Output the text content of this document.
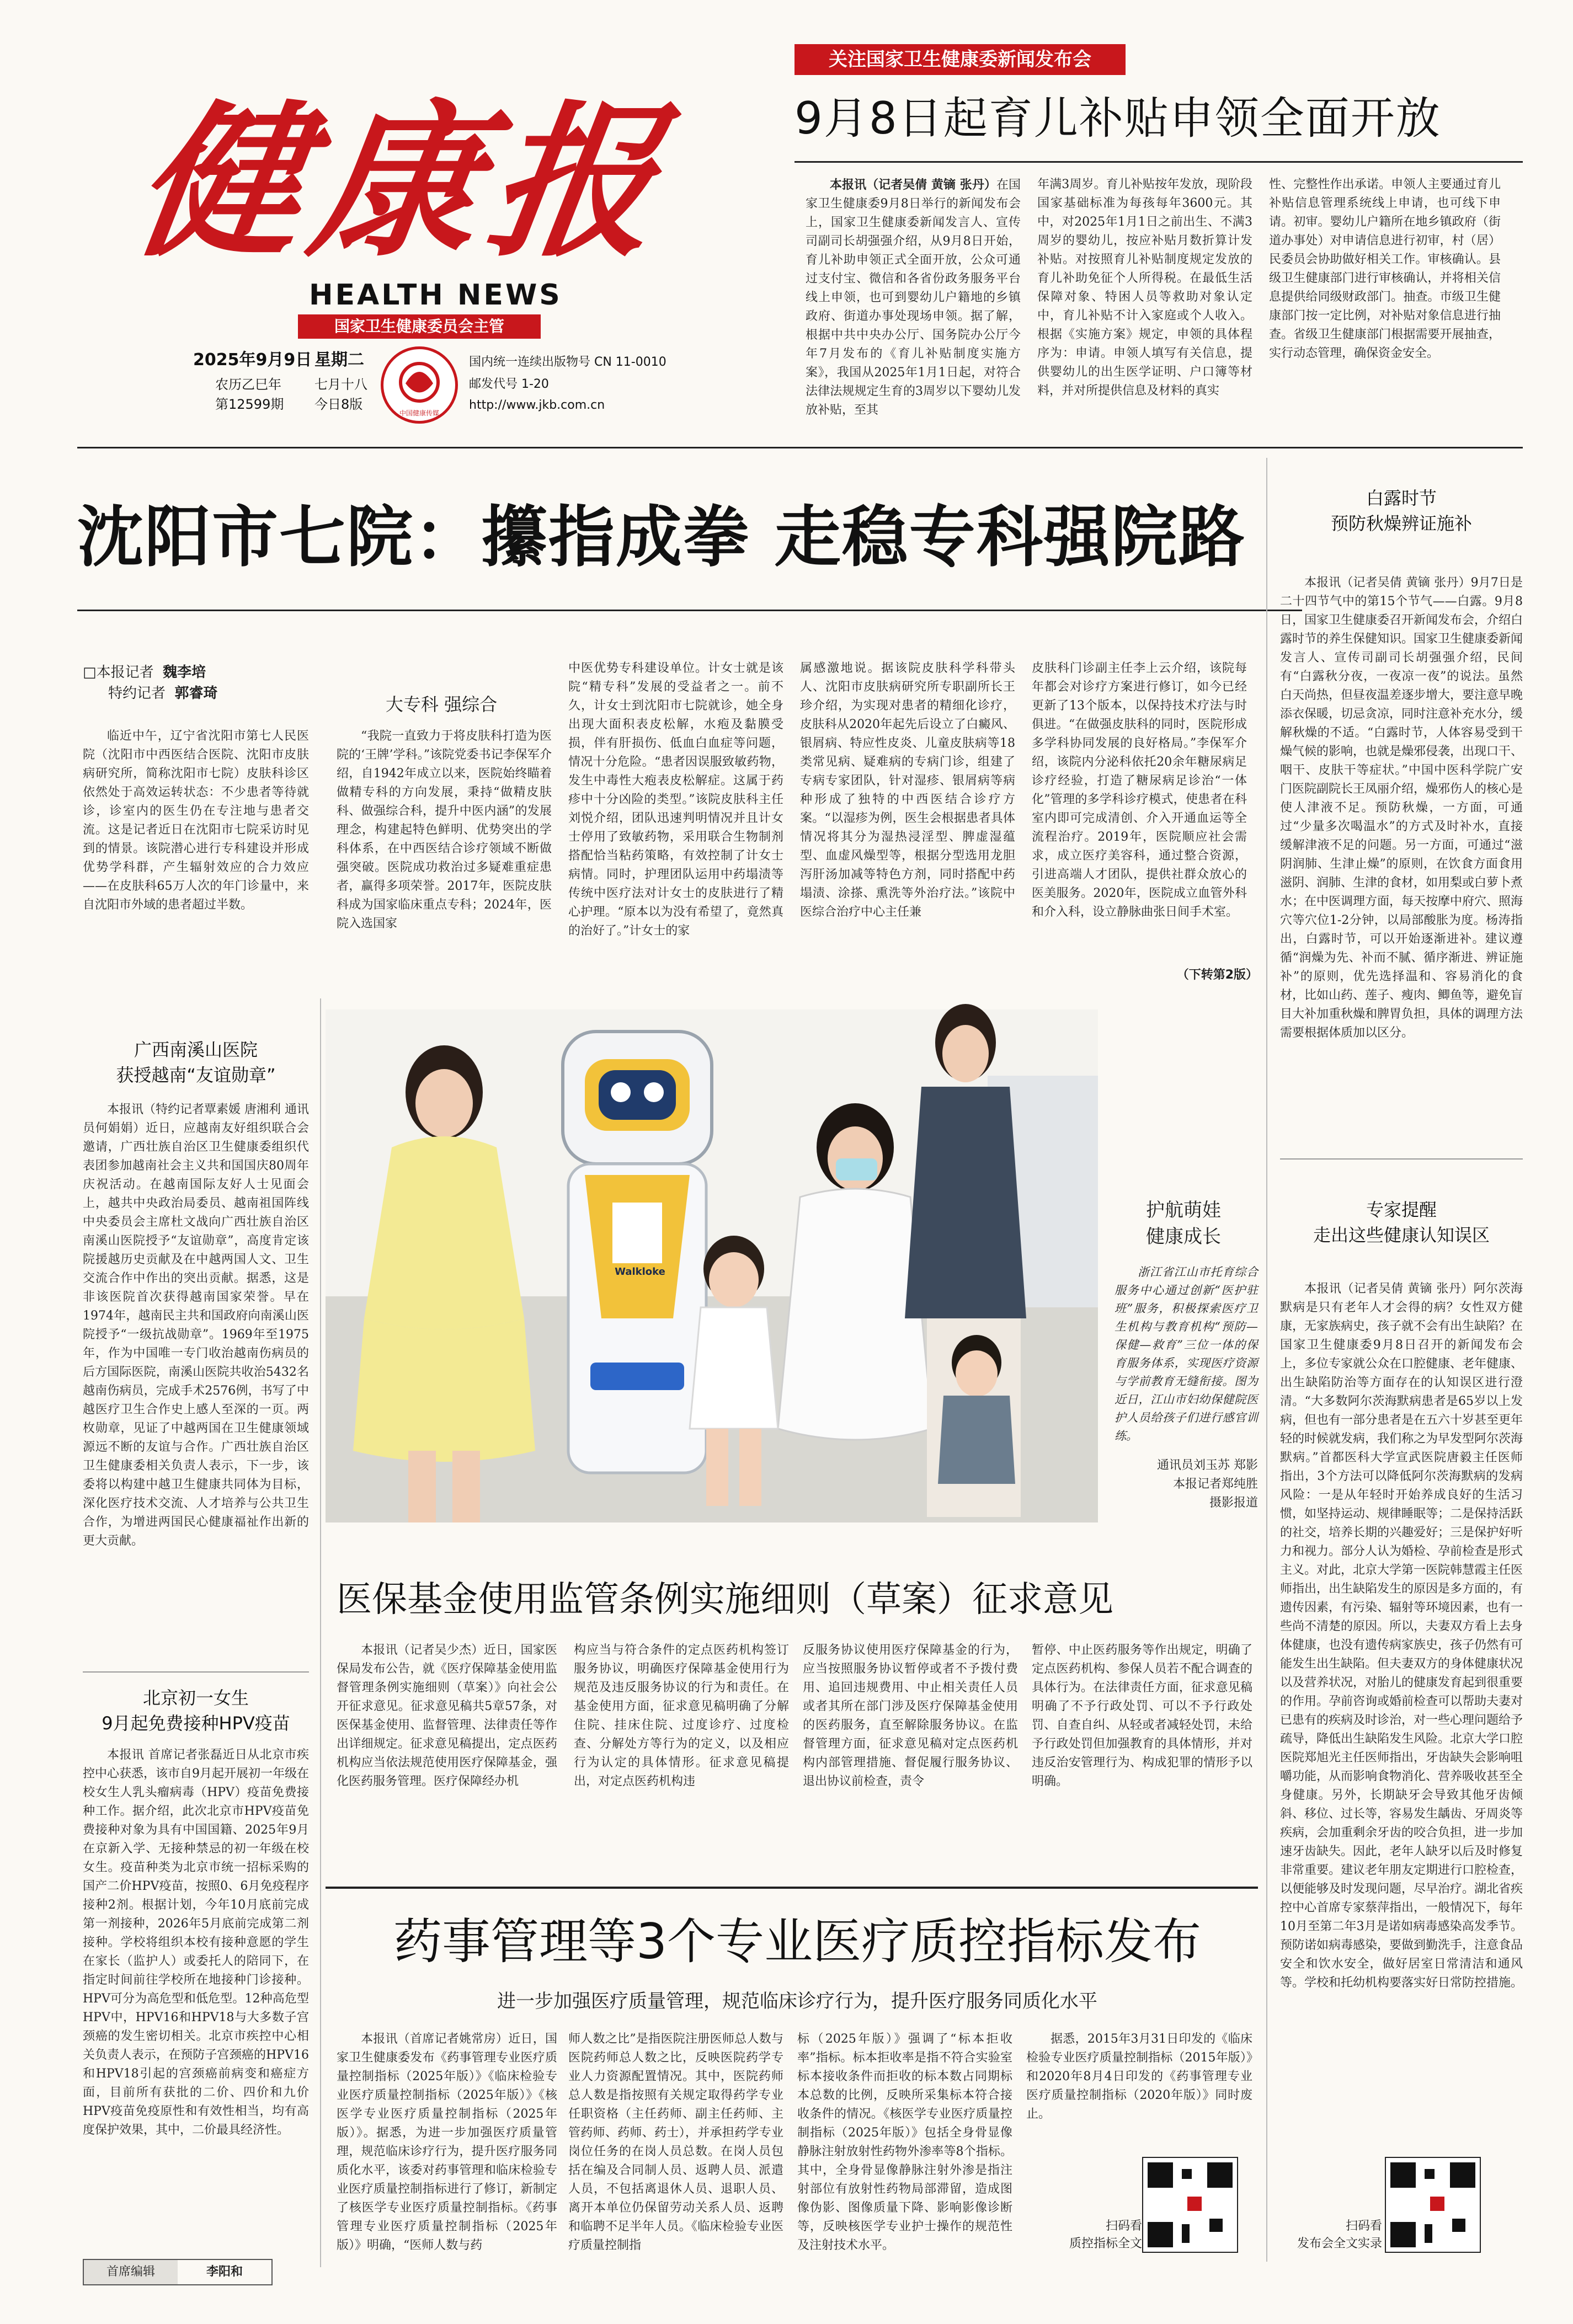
健康报
HEALTH NEWS
国家卫生健康委员会主管
2025年9月9日 星期二
农历乙巳年	七月十八
第12599期 今日8版
中国健康传媒
国内统一连续出版物号 CN 11-0010
邮发代号 1-20
http://www.jkb.com.cn
关注国家卫生健康委新闻发布会
9月8日起育儿补贴申领全面开放

本报讯（记者吴倩 黄镝 张丹）在国家卫生健康委9月8日举行的新闻发布会上，国家卫生健康委新闻发言人、宣传司副司长胡强强介绍，从9月8日开始，育儿补助申领正式全面开放，公众可通过支付宝、微信和各省份政务服务平台线上申领，也可到婴幼儿户籍地的乡镇政府、街道办事处现场申领。据了解，根据中共中央办公厅、国务院办公厅今年7月发布的《育儿补贴制度实施方案》，我国从2025年1月1日起，对符合法律法规规定生育的3周岁以下婴幼儿发放补贴，至其

年满3周岁。育儿补贴按年发放，现阶段国家基础标准为每孩每年3600元。其中，对2025年1月1日之前出生、不满3周岁的婴幼儿，按应补贴月数折算计发补贴。对按照育儿补贴制度规定发放的育儿补助免征个人所得税。在最低生活保障对象、特困人员等救助对象认定中，育儿补贴不计入家庭或个人收入。根据《实施方案》规定，申领的具体程序为：申请。申领人填写有关信息，提供婴幼儿的出生医学证明、户口簿等材料，并对所提供信息及材料的真实

性、完整性作出承诺。申领人主要通过育儿补贴信息管理系统线上申请，也可线下申请。初审。婴幼儿户籍所在地乡镇政府（街道办事处）对申请信息进行初审，村（居）民委员会协助做好相关工作。审核确认。县级卫生健康部门进行审核确认，并将相关信息提供给同级财政部门。抽查。市级卫生健康部门按一定比例，对补贴对象信息进行抽查。省级卫生健康部门根据需要开展抽查，实行动态管理，确保资金安全。

沈阳市七院：攥指成拳 走稳专科强院路
□本报记者 魏李培
特约记者 郭睿琦

临近中午，辽宁省沈阳市第七人民医院（沈阳市中西医结合医院、沈阳市皮肤病研究所，简称沈阳市七院）皮肤科诊区依然处于高效运转状态：不少患者等待就诊，诊室内的医生仍在专注地与患者交流。这是记者近日在沈阳市七院采访时见到的情景。该院潜心进行专科建设并形成优势学科群，产生辐射效应的合力效应——在皮肤科65万人次的年门诊量中，来自沈阳市外域的患者超过半数。

大专科 强综合

“我院一直致力于将皮肤科打造为医院的‘王牌’学科。”该院党委书记李保军介绍，自1942年成立以来，医院始终瞄着做精专科的方向发展，秉持“做精皮肤科、做强综合科，提升中医内涵”的发展理念，构建起特色鲜明、优势突出的学科体系，在中西医结合诊疗领域不断做强突破。医院成功救治过多疑难重症患者，赢得多项荣誉。2017年，医院皮肤科成为国家临床重点专科；2024年，医院入选国家

中医优势专科建设单位。计女士就是该院“精专科”发展的受益者之一。前不久，计女士到沈阳市七院就诊，她全身出现大面积表皮松解，水疱及黏膜受损，伴有肝损伤、低血白血症等问题，情况十分危险。“患者因误服致敏药物，发生中毒性大疱表皮松解症。这属于药疹中十分凶险的类型。”该院皮肤科主任刘悦介绍，团队迅速判明情况并且计女士停用了致敏药物，采用联合生物制剂搭配恰当粘药策略，有效控制了计女士病情。同时，护理团队运用中药塌渍等传统中医疗法对计女士的皮肤进行了精心护理。“原本以为没有希望了，竟然真的治好了。”计女士的家

属感激地说。据该院皮肤科学科带头人、沈阳市皮肤病研究所专职副所长王珍介绍，为实现对患者的精细化诊疗，皮肤科从2020年起先后设立了白癜风、银屑病、特应性皮炎、儿童皮肤病等18类常见病、疑难病的专病门诊，组建了专病专家团队，针对湿疹、银屑病等病种形成了独特的中西医结合诊疗方案。“以湿疹为例，医生会根据患者具体情况将其分为湿热浸淫型、脾虚湿蕴型、血虚风燥型等，根据分型选用龙胆泻肝汤加减等特色方剂，同时搭配中药塌渍、涂搽、熏洗等外治疗法。”该院中医综合治疗中心主任兼

皮肤科门诊副主任李上云介绍，该院每年都会对诊疗方案进行修订，如今已经更新了13个版本，以保持技术疗法与时俱进。“在做强皮肤科的同时，医院形成多学科协同发展的良好格局。”李保军介绍，该院内分泌科依托20余年糖尿病足诊疗经验，打造了糖尿病足诊治“一体化”管理的多学科诊疗模式，使患者在科室内即可完成清创、介入开通血运等全流程治疗。2019年，医院顺应社会需求，成立医疗美容科，通过整合资源，引进高端人才团队，提供社群众放心的医美服务。2020年，医院成立血管外科和介入科，设立静脉曲张日间手术室。

（下转第2版）
Walkloke
护航萌娃
健康成长
浙江省江山市托育综合服务中心通过创新“医护驻班”服务，积极探索医疗卫生机构与教育机构“预防—保健—救育”三位一体的保育服务体系，实现医疗资源与学前教育无缝衔接。图为近日，江山市妇幼保健院医护人员给孩子们进行感官训练。
通讯员刘玉苏 郑影
本报记者郑纯胜
摄影报道
广西南溪山医院
获授越南“友谊勋章”

本报讯（特约记者覃素媛 唐湘利 通讯员何娟娟）近日，应越南友好组织联合会邀请，广西壮族自治区卫生健康委组织代表团参加越南社会主义共和国国庆80周年庆祝活动。在越南国际友好人士见面会上，越共中央政治局委员、越南祖国阵线中央委员会主席杜文战向广西壮族自治区南溪山医院授予“友谊勋章”，高度肯定该院援越历史贡献及在中越两国人文、卫生交流合作中作出的突出贡献。据悉，这是非该医院首次获得越南国家荣誉。早在1974年，越南民主共和国政府向南溪山医院授予“一级抗战勋章”。1969年至1975年，作为中国唯一专门收治越南伤病员的后方国际医院，南溪山医院共收治5432名越南伤病员，完成手术2576例，书写了中越医疗卫生合作史上感人至深的一页。两枚勋章，见证了中越两国在卫生健康领域源远不断的友谊与合作。广西壮族自治区卫生健康委相关负责人表示，下一步，该委将以构建中越卫生健康共同体为目标，深化医疗技术交流、人才培养与公共卫生合作，为增进两国民心健康福祉作出新的更大贡献。

北京初一女生
9月起免费接种HPV疫苗

本报讯 首席记者张磊近日从北京市疾控中心获悉，该市自9月起开展初一年级在校女生人乳头瘤病毒（HPV）疫苗免费接种工作。据介绍，此次北京市HPV疫苗免费接种对象为具有中国国籍、2025年9月在京新入学、无接种禁忌的初一年级在校女生。疫苗种类为北京市统一招标采购的国产二价HPV疫苗，按照0、6月免疫程序接种2剂。根据计划，今年10月底前完成第一剂接种，2026年5月底前完成第二剂接种。学校将组织本校有接种意愿的学生在家长（监护人）或委托人的陪同下，在指定时间前往学校所在地接种门诊接种。HPV可分为高危型和低危型。12种高危型HPV中，HPV16和HPV18与大多数子宫颈癌的发生密切相关。北京市疾控中心相关负责人表示，在预防子宫颈癌的HPV16和HPV18引起的宫颈癌前病变和癌症方面，目前所有获批的二价、四价和九价HPV疫苗免疫原性和有效性相当，均有高度保护效果，其中，二价最具经济性。

医保基金使用监管条例实施细则（草案）征求意见

本报讯（记者吴少杰）近日，国家医保局发布公告，就《医疗保障基金使用监督管理条例实施细则（草案）》向社会公开征求意见。征求意见稿共5章57条，对医保基金使用、监督管理、法律责任等作出详细规定。征求意见稿提出，定点医药机构应当依法规范使用医疗保障基金，强化医药服务管理。医疗保障经办机

构应当与符合条件的定点医药机构签订服务协议，明确医疗保障基金使用行为规范及违反服务协议的行为和责任。在基金使用方面，征求意见稿明确了分解住院、挂床住院、过度诊疗、过度检查、分解处方等行为的定义，以及相应行为认定的具体情形。征求意见稿提出，对定点医药机构违

反服务协议使用医疗保障基金的行为，应当按照服务协议暂停或者不予拨付费用、追回违规费用、中止相关责任人员或者其所在部门涉及医疗保障基金使用的医药服务，直至解除服务协议。在监督管理方面，征求意见稿对定点医药机构内部管理措施、督促履行服务协议、退出协议前检查，责令

暂停、中止医药服务等作出规定，明确了定点医药机构、参保人员若不配合调查的具体行为。在法律责任方面，征求意见稿明确了不予行政处罚、可以不予行政处罚、自查自纠、从轻或者减轻处罚，未给予行政处罚但加强教育的具体情形，并对违反治安管理行为、构成犯罪的情形予以明确。

药事管理等3个专业医疗质控指标发布
进一步加强医疗质量管理，规范临床诊疗行为，提升医疗服务同质化水平

本报讯（首席记者姚常房）近日，国家卫生健康委发布《药事管理专业医疗质量控制指标（2025年版）》《临床检验专业医疗质量控制指标（2025年版）》《核医学专业医疗质量控制指标（2025年版）》。据悉，为进一步加强医疗质量管理，规范临床诊疗行为，提升医疗服务同质化水平，该委对药事管理和临床检验专业医疗质量控制指标进行了修订，新制定了核医学专业医疗质量控制指标。《药事管理专业医疗质量控制指标（2025年版）》明确，“医师人数与药

师人数之比”是指医院注册医师总人数与医院药师总人数之比，反映医院药学专业人力资源配置情况。其中，医院药师总人数是指按照有关规定取得药学专业任职资格（主任药师、副主任药师、主管药师、药师、药士），并承担药学专业岗位任务的在岗人员总数。在岗人员包括在编及合同制人员、返聘人员、派遣人员，不包括离退休人员、退职人员、离开本单位仍保留劳动关系人员、返聘和临聘不足半年人员。《临床检验专业医疗质量控制指

标（2025年版）》强调了“标本拒收率”指标。标本拒收率是指不符合实验室标本接收条件而拒收的标本数占同期标本总数的比例，反映所采集标本符合接收条件的情况。《核医学专业医疗质量控制指标（2025年版）》包括全身骨显像静脉注射放射性药物外渗率等8个指标。其中，全身骨显像静脉注射外渗是指注射部位有放射性药物局部滞留，造成图像伪影、图像质量下降、影响影像诊断等，反映核医学专业护士操作的规范性及注射技术水平。

据悉，2015年3月31日印发的《临床检验专业医疗质量控制指标（2015年版）》和2020年8月4日印发的《药事管理专业医疗质量控制指标（2020年版）》同时废止。

扫码看
质控指标全文
扫码看
发布会全文实录
白露时节
预防秋燥辨证施补

本报讯（记者吴倩 黄镝 张丹）9月7日是二十四节气中的第15个节气——白露。9月8日，国家卫生健康委召开新闻发布会，介绍白露时节的养生保健知识。国家卫生健康委新闻发言人、宣传司副司长胡强强介绍，民间有“白露秋分夜，一夜凉一夜”的说法。虽然白天尚热，但昼夜温差逐步增大，要注意早晚添衣保暖，切忌贪凉，同时注意补充水分，缓解秋燥的不适。“白露时节，人体容易受到干燥气候的影响，也就是燥邪侵袭，出现口干、咽干、皮肤干等症状。”中国中医科学院广安门医院副院长王凤丽介绍，燥邪伤人的核心是使人津液不足。预防秋燥，一方面，可通过“少量多次喝温水”的方式及时补水，直接缓解津液不足的问题。另一方面，可通过“滋阴润肺、生津止燥”的原则，在饮食方面食用滋阴、润肺、生津的食材，如用梨或白萝卜煮水；在中医调理方面，每天按摩中府穴、照海穴等穴位1-2分钟，以局部酸胀为度。杨涛指出，白露时节，可以开始逐渐进补。建议遵循“润燥为先、补而不腻、循序渐进、辨证施补”的原则，优先选择温和、容易消化的食材，比如山药、莲子、瘦肉、鲫鱼等，避免盲目大补加重秋燥和脾胃负担，具体的调理方法需要根据体质加以区分。

专家提醒
走出这些健康认知误区

本报讯（记者吴倩 黄镝 张丹）阿尔茨海默病是只有老年人才会得的病？女性双方健康，无家族病史，孩子就不会有出生缺陷？在国家卫生健康委9月8日召开的新闻发布会上，多位专家就公众在口腔健康、老年健康、出生缺陷防治等方面存在的认知误区进行澄清。“大多数阿尔茨海默病患者是65岁以上发病，但也有一部分患者是在五六十岁甚至更年轻的时候就发病，我们称之为早发型阿尔茨海默病。”首都医科大学宣武医院唐毅主任医师指出，3个方法可以降低阿尔茨海默病的发病风险：一是从年轻时开始养成良好的生活习惯，如坚持运动、规律睡眠等；二是保持活跃的社交，培养长期的兴趣爱好；三是保护好听力和视力。部分人认为婚检、孕前检查是形式主义。对此，北京大学第一医院韩慧霞主任医师指出，出生缺陷发生的原因是多方面的，有遗传因素，有污染、辐射等环境因素，也有一些尚不清楚的原因。所以，夫妻双方看上去身体健康，也没有遗传病家族史，孩子仍然有可能发生出生缺陷。但夫妻双方的身体健康状况以及营养状况，对胎儿的健康发育起到很重要的作用。孕前咨询或婚前检查可以帮助夫妻对已患有的疾病及时诊治，对一些心理问题给予疏导，降低出生缺陷发生风险。北京大学口腔医院郑旭光主任医师指出，牙齿缺失会影响咀嚼功能，从而影响食物消化、营养吸收甚至全身健康。另外，长期缺牙会导致其他牙齿倾斜、移位、过长等，容易发生龋齿、牙周炎等疾病，会加重剩余牙齿的咬合负担，进一步加速牙齿缺失。因此，老年人缺牙以后及时修复非常重要。建议老年朋友定期进行口腔检查，以便能够及时发现问题，尽早治疗。湖北省疾控中心首席专家蔡萍指出，一般情况下，每年10月至第二年3月是诺如病毒感染高发季节。预防诺如病毒感染，要做到勤洗手，注意食品安全和饮水安全，做好居室日常清洁和通风等。学校和托幼机构要落实好日常防控措施。

首席编辑	李阳和
